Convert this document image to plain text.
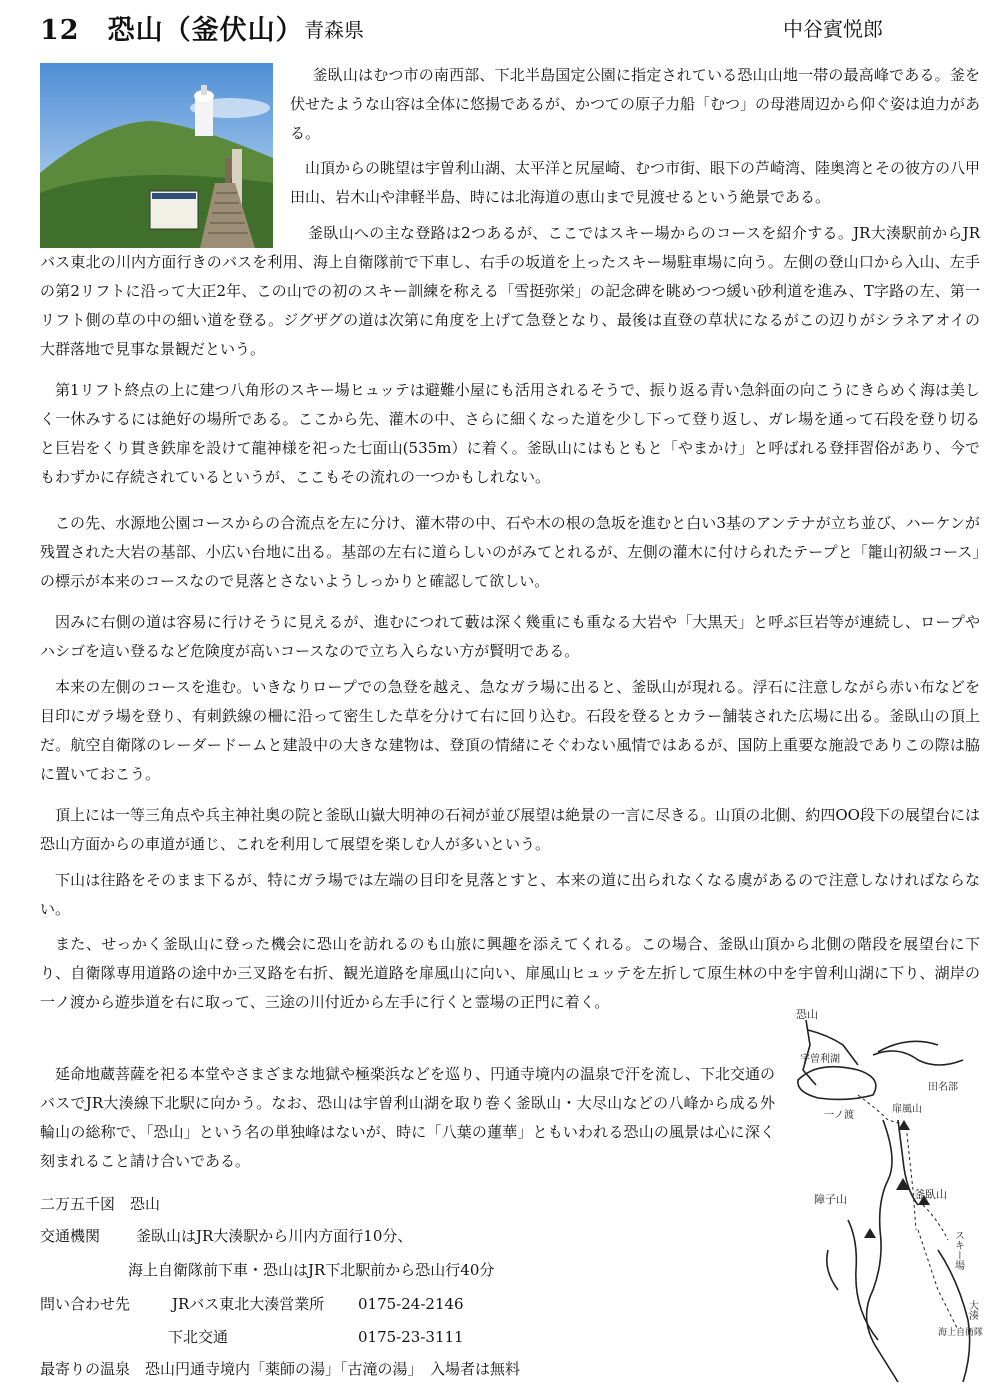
12　恐山（釜伏山） 青森県	中谷賓悦郎

釜臥山はむつ市の南西部、下北半島国定公園に指定されている恐山山地一帯の最高峰である。釜を伏せたような山容は全体に悠揚であるが、かつての原子力船「むつ」の母港周辺から仰ぐ姿は迫力がある。

山頂からの眺望は宇曽利山湖、太平洋と尻屋崎、むつ市街、眼下の芦崎湾、陸奥湾とその彼方の八甲田山、岩木山や津軽半島、時には北海道の恵山まで見渡せるという絶景である。

釜臥山への主な登路は2つあるが、ここではスキー場からのコースを紹介する。JR大湊駅前からJRバス東北の川内方面行きのバスを利用、海上自衛隊前で下車し、右手の坂道を上ったスキー場駐車場に向う。左側の登山口から入山、左手の第2リフトに沿って大正2年、この山での初のスキー訓練を称える「雪挺弥栄」の記念碑を眺めつつ緩い砂利道を進み、T字路の左、第一リフト側の草の中の細い道を登る。ジグザグの道は次第に角度を上げて急登となり、最後は直登の草状になるがこの辺りがシラネアオイの大群落地で見事な景観だという。

第1リフト終点の上に建つ八角形のスキー場ヒュッテは避難小屋にも活用されるそうで、振り返る青い急斜面の向こうにきらめく海は美しく一休みするには絶好の場所である。ここから先、灌木の中、さらに細くなった道を少し下って登り返し、ガレ場を通って石段を登り切ると巨岩をくり貫き鉄扉を設けて龍神様を祀った七面山(535m）に着く。釜臥山にはもともと「やまかけ」と呼ばれる登拝習俗があり、今でもわずかに存続されているというが、ここもその流れの一つかもしれない。

この先、水源地公園コースからの合流点を左に分け、灌木帯の中、石や木の根の急坂を進むと白い3基のアンテナが立ち並び、ハーケンが残置された大岩の基部、小広い台地に出る。基部の左右に道らしいのがみてとれるが、左側の灌木に付けられたテープと「籠山初級コース」の標示が本来のコースなので見落とさないようしっかりと確認して欲しい。

因みに右側の道は容易に行けそうに見えるが、進むにつれて藪は深く幾重にも重なる大岩や「大黒天」と呼ぶ巨岩等が連続し、ロープやハシゴを這い登るなど危険度が高いコースなので立ち入らない方が賢明である。

本来の左側のコースを進む。いきなりロープでの急登を越え、急なガラ場に出ると、釜臥山が現れる。浮石に注意しながら赤い布などを目印にガラ場を登り、有刺鉄線の柵に沿って密生した草を分けて右に回り込む。石段を登るとカラー舗装された広場に出る。釜臥山の頂上だ。航空自衛隊のレーダードームと建設中の大きな建物は、登頂の情緒にそぐわない風情ではあるが、国防上重要な施設でありこの際は脇に置いておこう。

頂上には一等三角点や兵主神社奥の院と釜臥山嶽大明神の石祠が並び展望は絶景の一言に尽きる。山頂の北側、約四OO段下の展望台には恐山方面からの車道が通じ、これを利用して展望を楽しむ人が多いという。

下山は往路をそのまま下るが、特にガラ場では左端の目印を見落とすと、本来の道に出られなくなる虞があるので注意しなければならない。

また、せっかく釜臥山に登った機会に恐山を訪れるのも山旅に興趣を添えてくれる。この場合、釜臥山頂から北側の階段を展望台に下り、自衛隊専用道路の途中か三叉路を右折、観光道路を扉風山に向い、扉風山ヒュッテを左折して原生林の中を宇曽利山湖に下り、湖岸の一ノ渡から遊歩道を右に取って、三途の川付近から左手に行くと霊場の正門に着く。

延命地蔵菩薩を祀る本堂やさまざまな地獄や極楽浜などを巡り、円通寺境内の温泉で汗を流し、下北交通のバスでJR大湊線下北駅に向かう。なお、恐山は宇曽利山湖を取り巻く釜臥山・大尽山などの八峰から成る外輪山の総称で、「恐山」という名の単独峰はないが、時に「八葉の蓮華」ともいわれる恐山の風景は心に深く刻まれること請け合いである。

二万五千図　恐山
交通機関 釜臥山はJR大湊駅から川内方面行10分、
海上自衛隊前下車・恐山はJR下北駅前から恐山行40分
問い合わせ先	JRバス東北大湊営業所 0175-24-2146
下北交通	0175-23-3111
最寄りの温泉　恐山円通寺境内「薬師の湯」「古滝の湯」　入場者は無料
恐山
宇曽利湖
田名部
一ノ渡
扉風山
釜臥山
障子山
スキー場
大湊
海上自衛隊
